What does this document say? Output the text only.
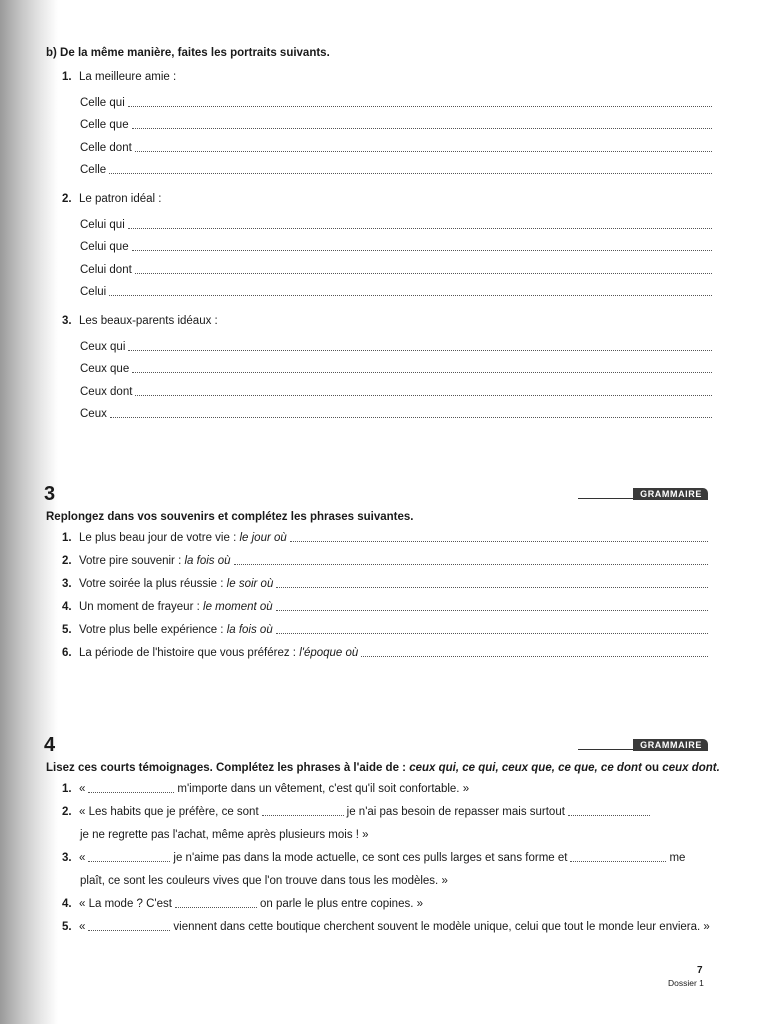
b) De la même manière, faites les portraits suivants.
1. La meilleure amie :
Celle qui
Celle que
Celle dont
Celle
2. Le patron idéal :
Celui qui
Celui que
Celui dont
Celui
3. Les beaux-parents idéaux :
Ceux qui
Ceux que
Ceux dont
Ceux
3	GRAMMAIRE
Replongez dans vos souvenirs et complétez les phrases suivantes.
1. Le plus beau jour de votre vie : le jour où
2. Votre pire souvenir : la fois où
3. Votre soirée la plus réussie : le soir où
4. Un moment de frayeur : le moment où
5. Votre plus belle expérience : la fois où
6. La période de l'histoire que vous préférez : l'époque où
4	GRAMMAIRE
Lisez ces courts témoignages. Complétez les phrases à l'aide de : ceux qui, ce qui, ceux que, ce que, ce dont ou ceux dont.
1. «	m'importe dans un vêtement, c'est qu'il soit confortable. »
2. « Les habits que je préfère, ce sont	je n'ai pas besoin de repasser mais surtout
je ne regrette pas l'achat, même après plusieurs mois ! »
3. «	je n'aime pas dans la mode actuelle, ce sont ces pulls larges et sans forme et	me
plaît, ce sont les couleurs vives que l'on trouve dans tous les modèles. »
4. « La mode ? C'est	on parle le plus entre copines. »
5. «	viennent dans cette boutique cherchent souvent le modèle unique, celui que tout le monde leur enviera. »
7
Dossier 1
